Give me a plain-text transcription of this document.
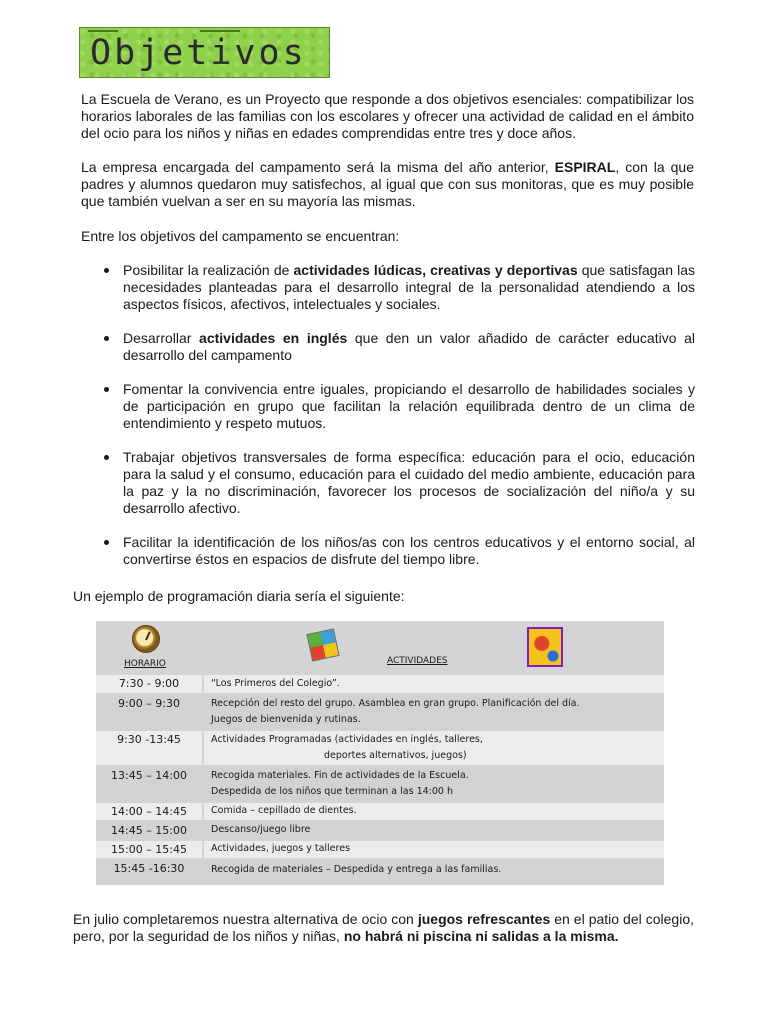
Objetivos

La Escuela de Verano, es un Proyecto que responde a dos objetivos esenciales: compatibilizar los horarios laborales de las familias con los escolares y ofrecer una actividad de calidad en el ámbito del ocio para los niños y niñas en edades comprendidas entre tres y doce años.

La empresa encargada del campamento será la misma del año anterior, ESPIRAL, con la que padres y alumnos quedaron muy satisfechos, al igual que con sus monitoras, que es muy posible que también vuelvan a ser en su mayoría las mismas.

Entre los objetivos del campamento se encuentran:

Posibilitar la realización de actividades lúdicas, creativas y deportivas que satisfagan las necesidades planteadas para el desarrollo integral de la personalidad atendiendo a los aspectos físicos, afectivos, intelectuales y sociales.
Desarrollar actividades en inglés que den un valor añadido de carácter educativo al desarrollo del campamento
Fomentar la convivencia entre iguales, propiciando el desarrollo de habilidades sociales y de participación en grupo que facilitan la relación equilibrada dentro de un clima de entendimiento y respeto mutuos.
Trabajar objetivos transversales de forma específica: educación para el ocio, educación para la salud y el consumo, educación para el cuidado del medio ambiente, educación para la paz y la no discriminación, favorecer los procesos de socialización del niño/a y su desarrollo afectivo.
Facilitar la identificación de los niños/as con los centros educativos y el entorno social, al convertirse éstos en espacios de disfrute del tiempo libre.
Un ejemplo de programación diaria sería el siguiente:
HORARIO	ACTIVIDADES
7:30 - 9:00	“Los Primeros del Colegio”.
9:00 – 9:30	Recepción del resto del grupo. Asamblea en gran grupo. Planificación del día.
Juegos de bienvenida y rutinas.
9:30 -13:45	Actividades Programadas (actividades en inglés, talleres,
deportes alternativos, juegos)
13:45 – 14:00	Recogida materiales. Fin de actividades de la Escuela.
Despedida de los niños que terminan a las 14:00 h
14:00 – 14:45	Comida – cepillado de dientes.
14:45 – 15:00	Descanso/juego libre
15:00 – 15:45	Actividades, juegos y talleres
15:45 -16:30	Recogida de materiales – Despedida y entrega a las familias.

En julio completaremos nuestra alternativa de ocio con juegos refrescantes en el patio del colegio, pero, por la seguridad de los niños y niñas, no habrá ni piscina ni salidas a la misma.
